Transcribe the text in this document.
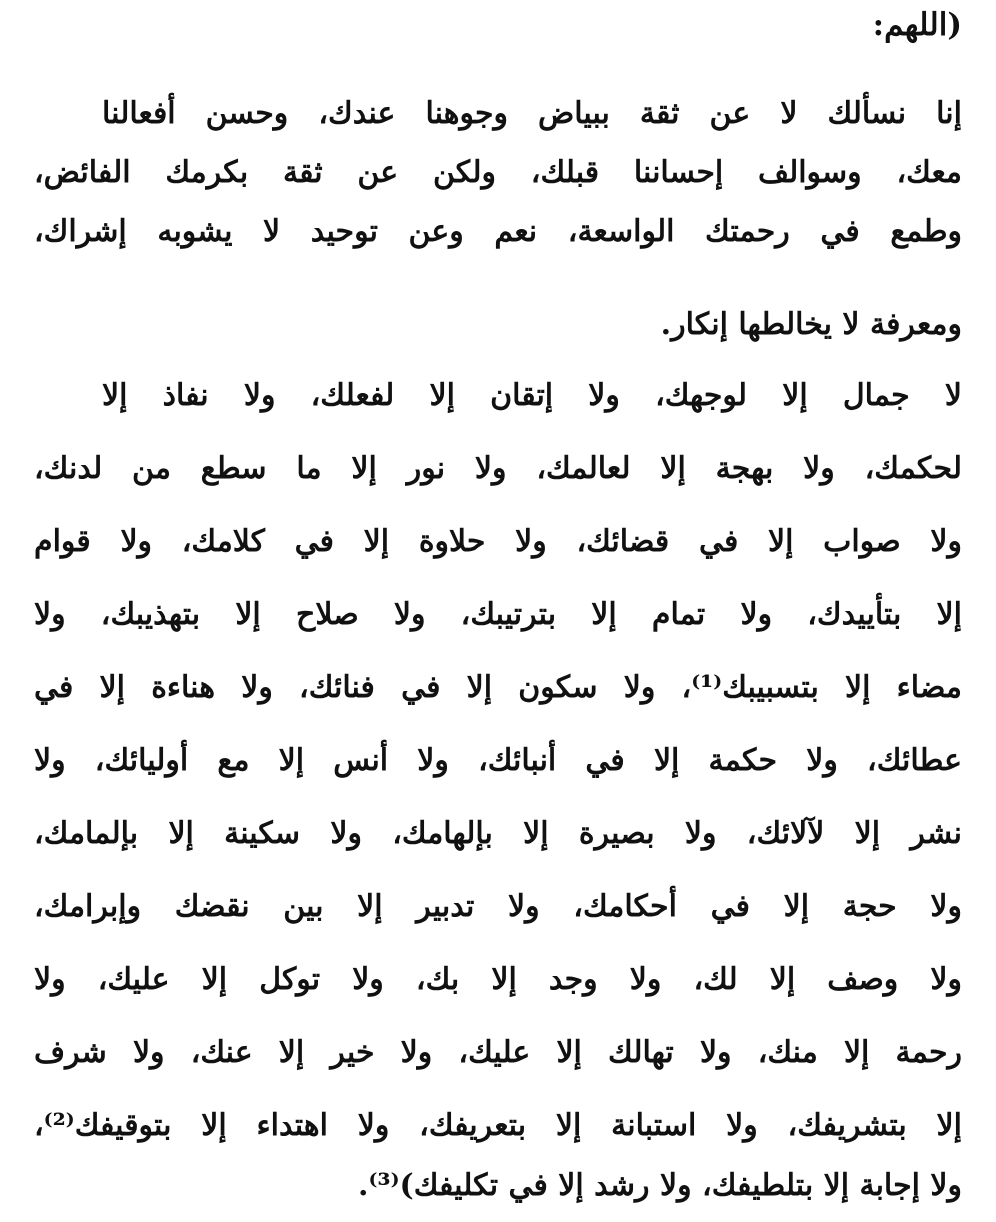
(اللهم:
إنا نسألك لا عن ثقة ببياض وجوهنا عندك، وحسن أفعالنا
معك، وسوالف إحساننا قبلك، ولكن عن ثقة بكرمك الفائض،
وطمع في رحمتك الواسعة، نعم وعن توحيد لا يشوبه إشراك،
ومعرفة لا يخالطها إنكار.
لا جمال إلا لوجهك، ولا إتقان إلا لفعلك، ولا نفاذ إلا
لحكمك، ولا بهجة إلا لعالمك، ولا نور إلا ما سطع من لدنك،
ولا صواب إلا في قضائك، ولا حلاوة إلا في كلامك، ولا قوام
إلا بتأييدك، ولا تمام إلا بترتيبك، ولا صلاح إلا بتهذيبك، ولا
مضاء إلا بتسبيبك⁽¹⁾، ولا سكون إلا في فنائك، ولا هناءة إلا في
عطائك، ولا حكمة إلا في أنبائك، ولا أنس إلا مع أوليائك، ولا
نشر إلا لآلائك، ولا بصيرة إلا بإلهامك، ولا سكينة إلا بإلمامك،
ولا حجة إلا في أحكامك، ولا تدبير إلا بين نقضك وإبرامك،
ولا وصف إلا لك، ولا وجد إلا بك، ولا توكل إلا عليك، ولا
رحمة إلا منك، ولا تهالك إلا عليك، ولا خير إلا عنك، ولا شرف
إلا بتشريفك، ولا استبانة إلا بتعريفك، ولا اهتداء إلا بتوقيفك⁽²⁾،
ولا إجابة إلا بتلطيفك، ولا رشد إلا في تكليفك)⁽³⁾.
